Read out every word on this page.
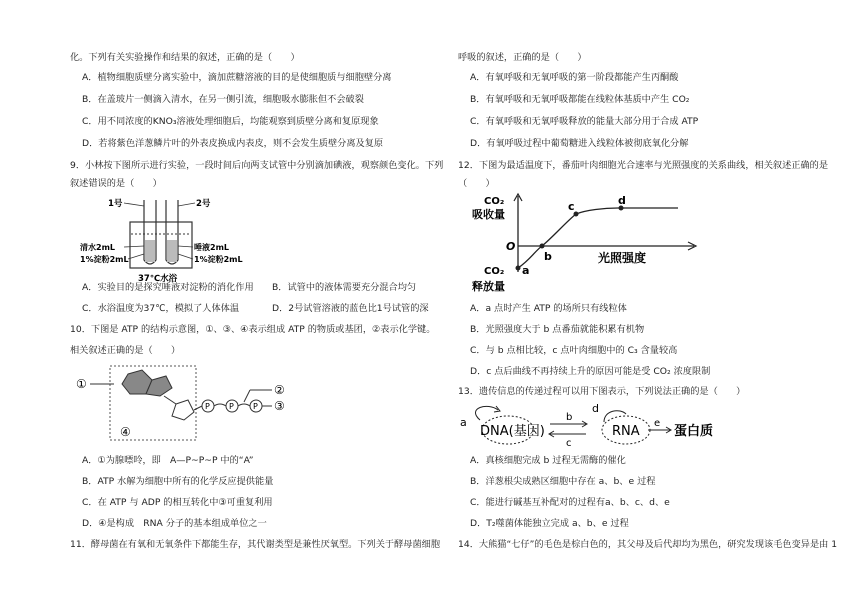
化。下列有关实验操作和结果的叙述，正确的是（　　）
A．植物细胞质壁分离实验中，滴加蔗糖溶液的目的是使细胞质与细胞壁分离
B．在盖玻片一侧滴入清水，在另一侧引流，细胞吸水膨胀但不会破裂
C．用不同浓度的KNO₃溶液处理细胞后，均能观察到质壁分离和复原现象
D．若将紫色洋葱鳞片叶的外表皮换成内表皮，则不会发生质壁分离及复原
9．小林按下图所示进行实验，一段时间后向两支试管中分别滴加碘液，观察颜色变化。下列
叙述错误的是（　　）
1号	2号
清水2mL
1%淀粉2mL
唾液2mL
1%淀粉2mL
37℃水浴
A．实验目的是探究唾液对淀粉的消化作用 B．试管中的液体需要充分混合均匀
C．水浴温度为37℃，模拟了人体体温	D．2号试管溶液的蓝色比1号试管的深
10．下图是 ATP 的结构示意图，①、③、④表示组成 ATP 的物质或基团，②表示化学键。
相关叙述正确的是（　　）
①
P P P ③
②
④
A．①为腺嘌呤，即　A—P~P~P 中的“A”
B．ATP 水解为细胞中所有的化学反应提供能量
C．在 ATP 与 ADP 的相互转化中③可重复利用
D．④是构成　RNA 分子的基本组成单位之一
11．酵母菌在有氧和无氧条件下都能生存，其代谢类型是兼性厌氧型。下列关于酵母菌细胞
呼吸的叙述，正确的是（　　）
A．有氧呼吸和无氧呼吸的第一阶段都能产生丙酮酸
B．有氧呼吸和无氧呼吸都能在线粒体基质中产生 CO₂
C．有氧呼吸和无氧呼吸释放的能量大部分用于合成 ATP
D．有氧呼吸过程中葡萄糖进入线粒体被彻底氧化分解
12．下图为最适温度下，番茄叶肉细胞光合速率与光照强度的关系曲线，相关叙述正确的是
（　　）
CO₂
吸收量
CO₂
释放量
O
光照强度
a
b
c	d
A．a 点时产生 ATP 的场所只有线粒体
B．光照强度大于 b 点番茄就能积累有机物
C．与 b 点相比较，c 点叶肉细胞中的 C₃ 含量较高
D．c 点后曲线不再持续上升的原因可能是受 CO₂ 浓度限制
13．遗传信息的传递过程可以用下图表示，下列说法正确的是（　　）
a
DNA(基因)
b
c
d
RNA
e
蛋白质
A．真核细胞完成 b 过程无需酶的催化
B．洋葱根尖成熟区细胞中存在 a、b、e 过程
C．能进行碱基互补配对的过程有a、b、c、d、e
D．T₂噬菌体能独立完成 a、b、e 过程
14．大熊猫“七仔”的毛色是棕白色的，其父母及后代却均为黑色，研究发现该毛色变异是由 1
